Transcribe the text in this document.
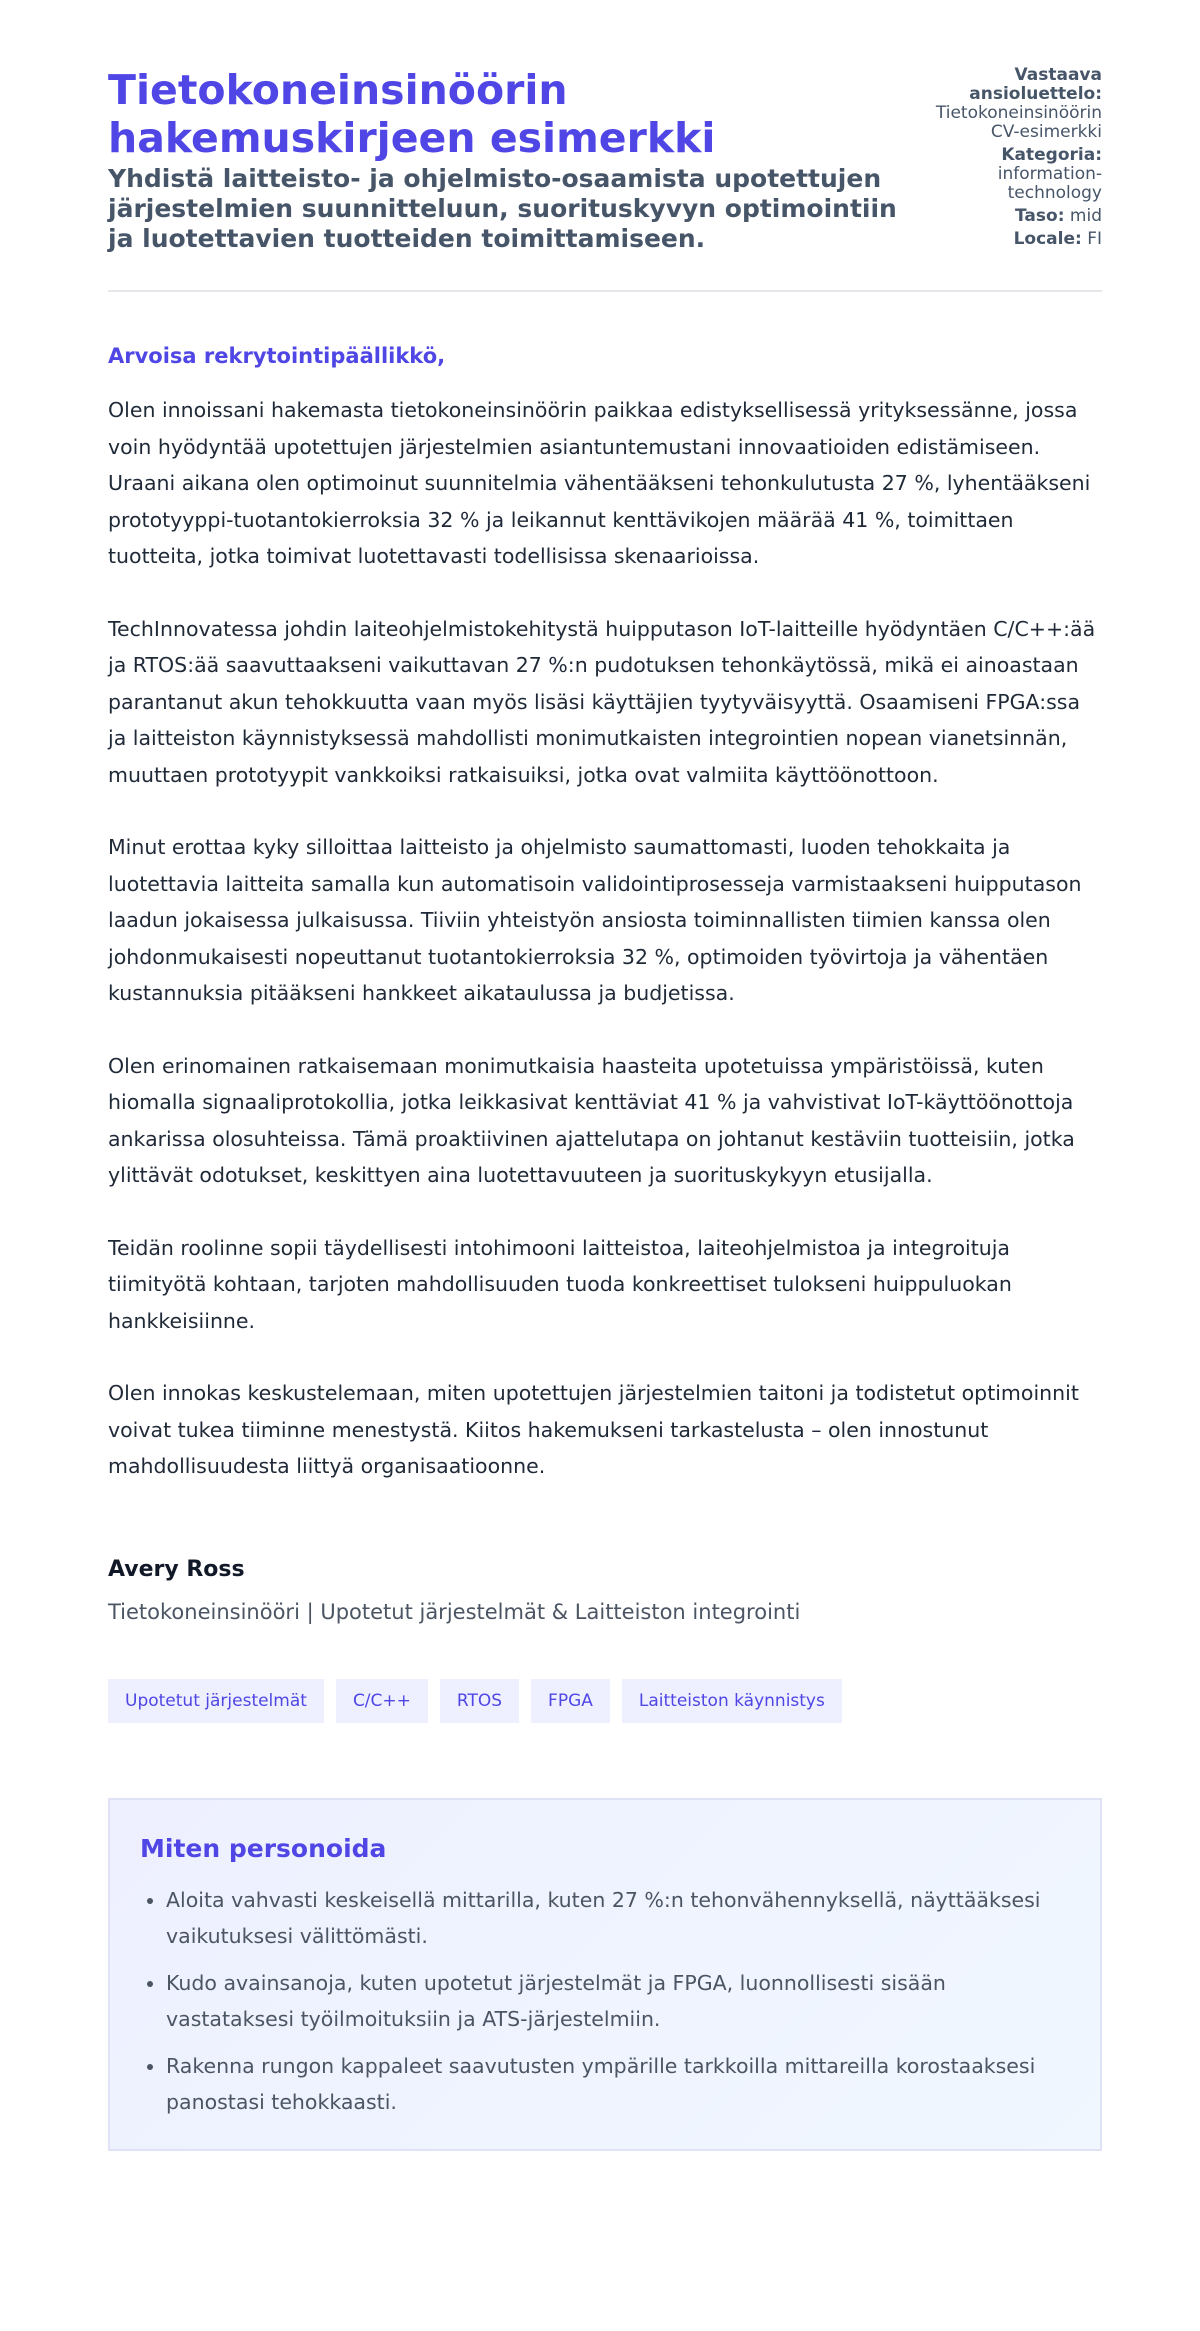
Tietokoneinsinöörin hakemuskirjeen esimerkki
Yhdistä laitteisto- ja ohjelmisto-osaamista upotettujen järjestelmien suunnitteluun, suorituskyvyn optimointiin ja luotettavien tuotteiden toimittamiseen.
Vastaava ansioluettelo:
Tietokoneinsinöörin CV-esimerkki
Kategoria:
information-technology
Taso: mid
Locale: FI

Arvoisa rekrytointipäällikkö,

Olen innoissani hakemasta tietokoneinsinöörin paikkaa edistyksellisessä yrityksessänne, jossa voin hyödyntää upotettujen järjestelmien asiantuntemustani innovaatioiden edistämiseen. Uraani aikana olen optimoinut suunnitelmia vähentääkseni tehonkulutusta 27 %, lyhentääkseni prototyyppi-tuotantokierroksia 32 % ja leikannut kenttävikojen määrää 41 %, toimittaen tuotteita, jotka toimivat luotettavasti todellisissa skenaarioissa.

TechInnovatessa johdin laiteohjelmistokehitystä huipputason IoT-laitteille hyödyntäen C/C++:ää ja RTOS:ää saavuttaakseni vaikuttavan 27 %:n pudotuksen tehonkäytössä, mikä ei ainoastaan parantanut akun tehokkuutta vaan myös lisäsi käyttäjien tyytyväisyyttä. Osaamiseni FPGA:ssa ja laitteiston käynnistyksessä mahdollisti monimutkaisten integrointien nopean vianetsinnän, muuttaen prototyypit vankkoiksi ratkaisuiksi, jotka ovat valmiita käyttöönottoon.

Minut erottaa kyky silloittaa laitteisto ja ohjelmisto saumattomasti, luoden tehokkaita ja luotettavia laitteita samalla kun automatisoin validointiprosesseja varmistaakseni huipputason laadun jokaisessa julkaisussa. Tiiviin yhteistyön ansiosta toiminnallisten tiimien kanssa olen johdonmukaisesti nopeuttanut tuotantokierroksia 32 %, optimoiden työvirtoja ja vähentäen kustannuksia pitääkseni hankkeet aikataulussa ja budjetissa.

Olen erinomainen ratkaisemaan monimutkaisia haasteita upotetuissa ympäristöissä, kuten hiomalla signaaliprotokollia, jotka leikkasivat kenttäviat 41 % ja vahvistivat IoT-käyttöönottoja ankarissa olosuhteissa. Tämä proaktiivinen ajattelutapa on johtanut kestäviin tuotteisiin, jotka ylittävät odotukset, keskittyen aina luotettavuuteen ja suorituskykyyn etusijalla.

Teidän roolinne sopii täydellisesti intohimooni laitteistoa, laiteohjelmistoa ja integroituja tiimityötä kohtaan, tarjoten mahdollisuuden tuoda konkreettiset tulokseni huippuluokan hankkeisiinne.

Olen innokas keskustelemaan, miten upotettujen järjestelmien taitoni ja todistetut optimoinnit voivat tukea tiiminne menestystä. Kiitos hakemukseni tarkastelusta – olen innostunut mahdollisuudesta liittyä organisaatioonne.

Avery Ross
Tietokoneinsinööri | Upotetut järjestelmät & Laitteiston integrointi
Upotetut järjestelmät	C/C++	RTOS	FPGA	Laitteiston käynnistys
Miten personoida
• Aloita vahvasti keskeisellä mittarilla, kuten 27 %:n tehonvähennyksellä, näyttääksesi vaikutuksesi välittömästi.
• Kudo avainsanoja, kuten upotetut järjestelmät ja FPGA, luonnollisesti sisään vastataksesi työilmoituksiin ja ATS-järjestelmiin.
• Rakenna rungon kappaleet saavutusten ympärille tarkkoilla mittareilla korostaaksesi panostasi tehokkaasti.
